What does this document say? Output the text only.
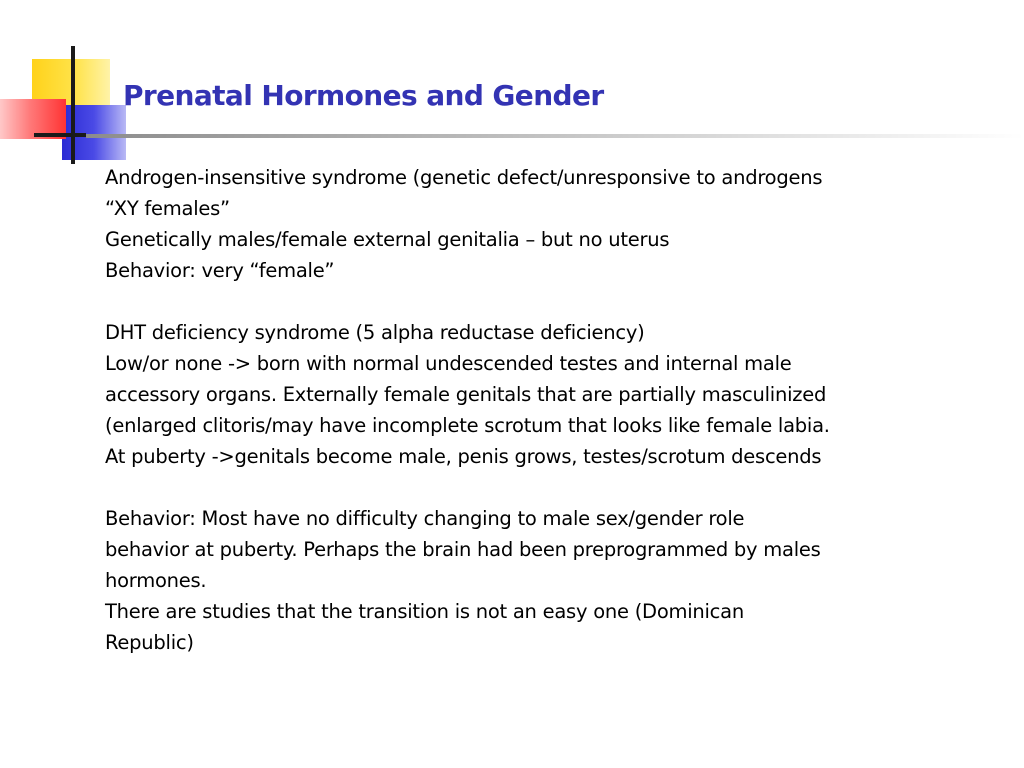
Prenatal Hormones and Gender
Androgen-insensitive syndrome (genetic defect/unresponsive to androgens
“XY females”
Genetically males/female external genitalia – but no uterus
Behavior: very “female”
DHT deficiency syndrome (5 alpha reductase deficiency)
Low/or none -> born with normal undescended testes and internal male
accessory organs. Externally female genitals that are partially masculinized
(enlarged clitoris/may have incomplete scrotum that looks like female labia.
At puberty ->genitals become male, penis grows, testes/scrotum descends
Behavior: Most have no difficulty changing to male sex/gender role
behavior at puberty. Perhaps the brain had been preprogrammed by males
hormones.
There are studies that the transition is not an easy one (Dominican
Republic)
